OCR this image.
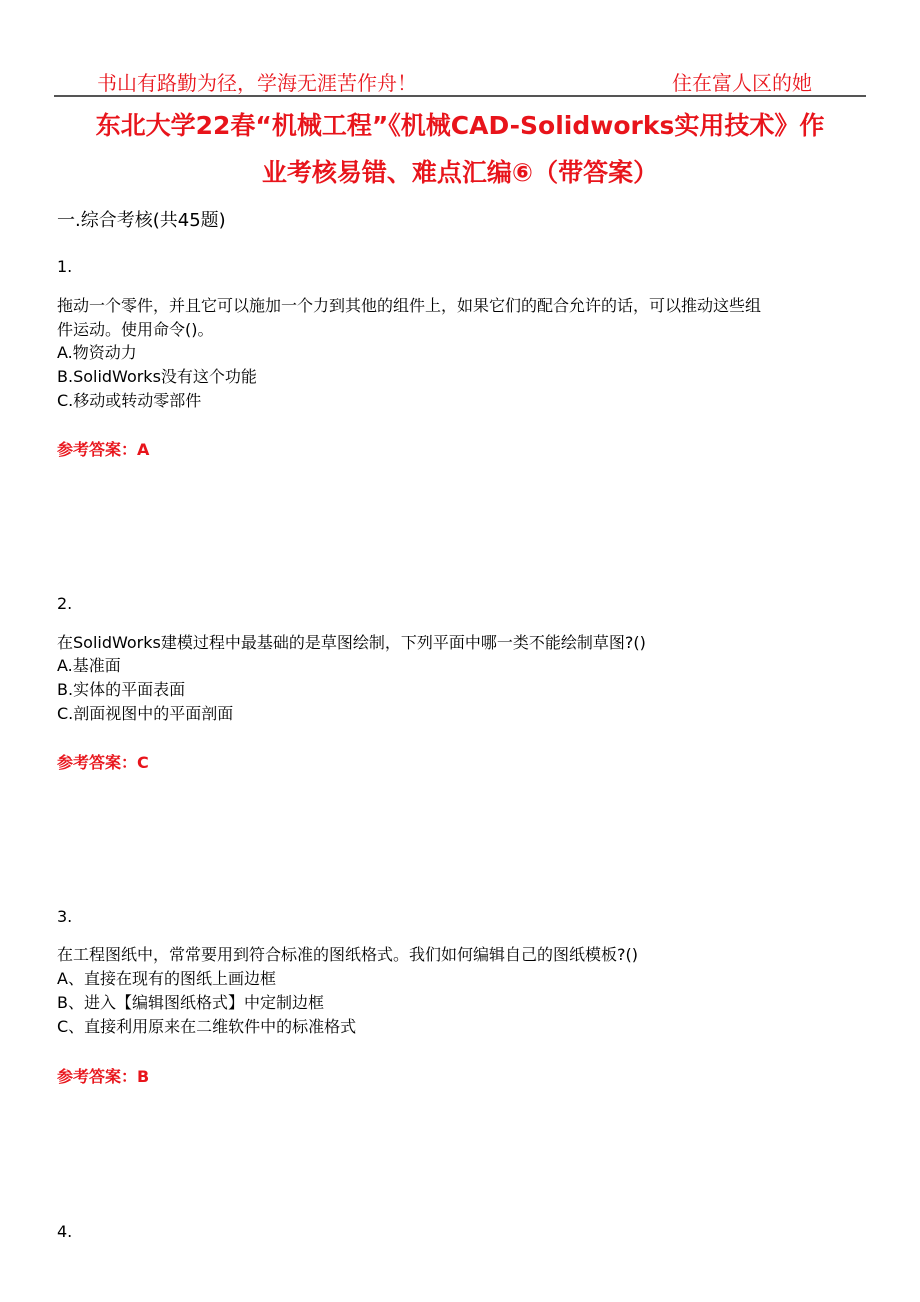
书山有路勤为径，学海无涯苦作舟！	住在富人区的她
东北大学22春“机械工程”《机械CAD-Solidworks实用技术》作
业考核易错、难点汇编⑥（带答案）
一.综合考核(共45题)
1.
拖动一个零件，并且它可以施加一个力到其他的组件上，如果它们的配合允许的话，可以推动这些组
件运动。使用命令()。
A.物资动力
B.SolidWorks没有这个功能
C.移动或转动零部件
参考答案：A
2.
在SolidWorks建模过程中最基础的是草图绘制，下列平面中哪一类不能绘制草图?()
A.基准面
B.实体的平面表面
C.剖面视图中的平面剖面
参考答案：C
3.
在工程图纸中，常常要用到符合标准的图纸格式。我们如何编辑自己的图纸模板?()
A、直接在现有的图纸上画边框
B、进入【编辑图纸格式】中定制边框
C、直接利用原来在二维软件中的标准格式
参考答案：B
4.
